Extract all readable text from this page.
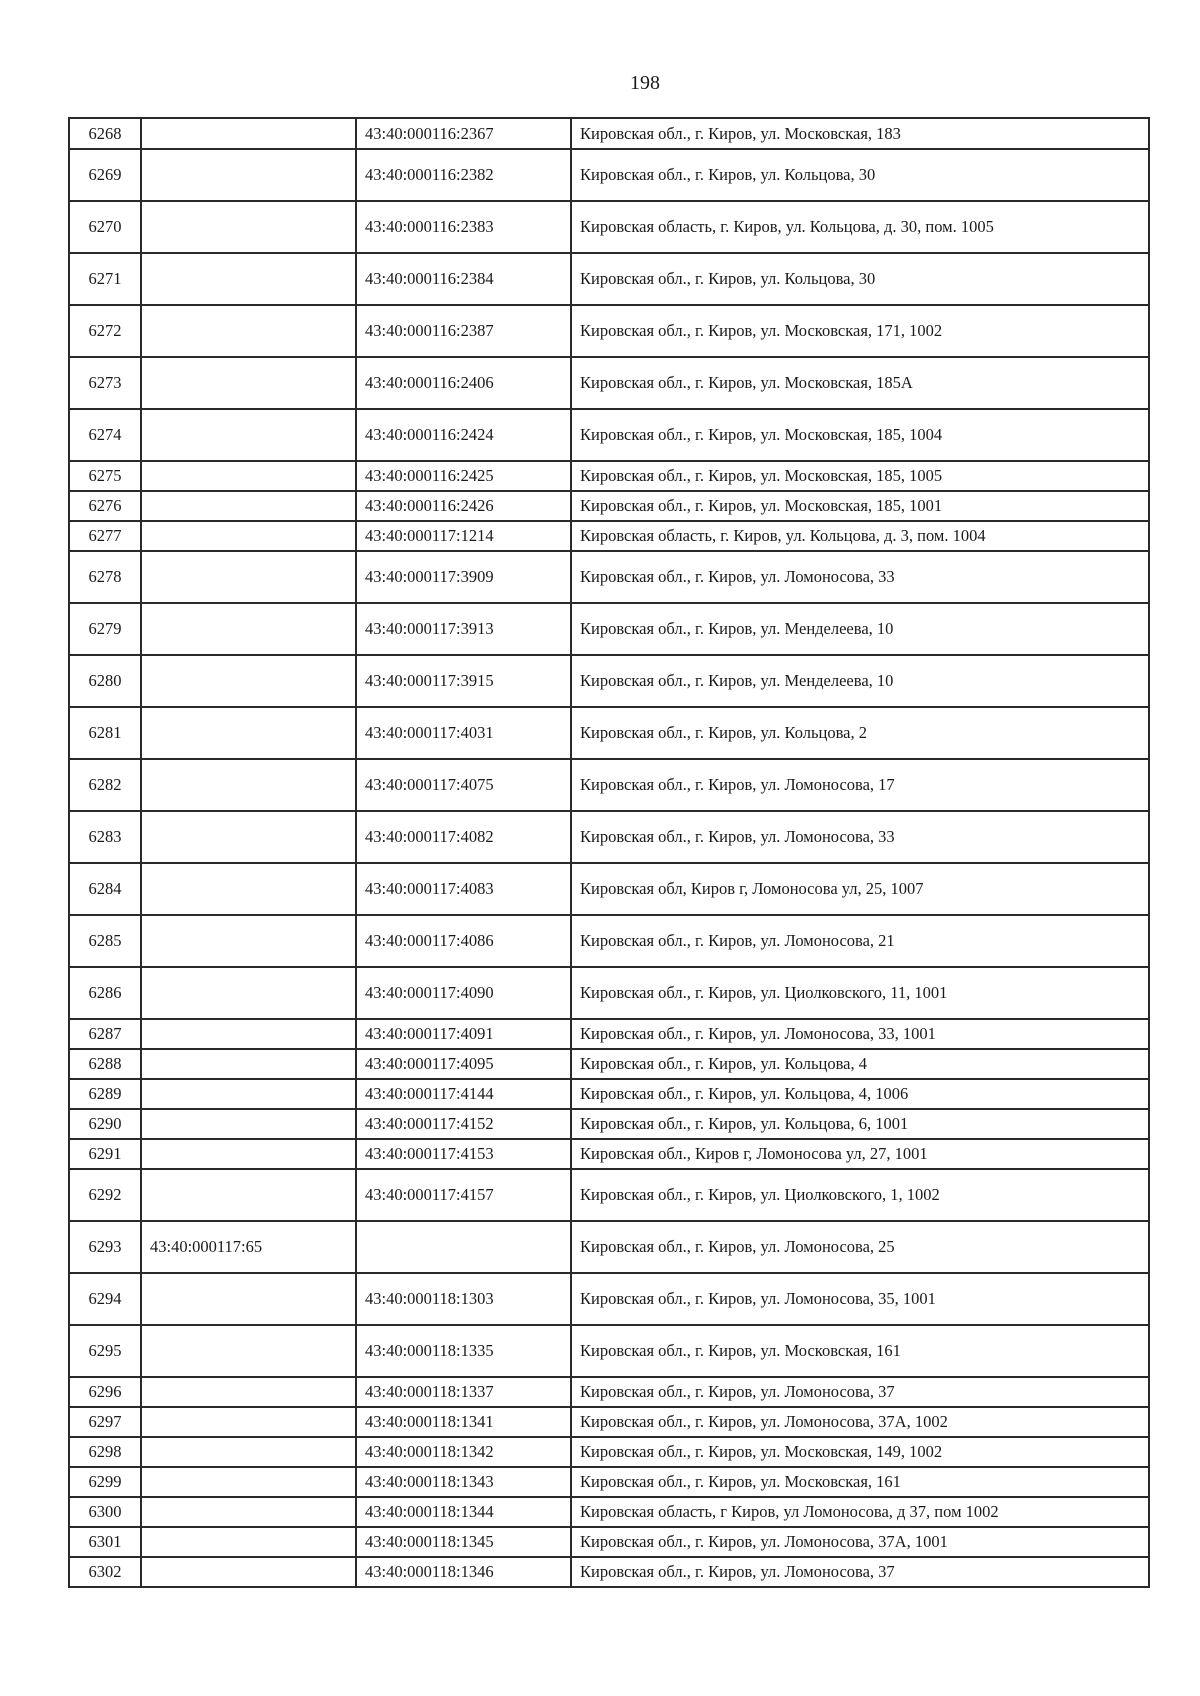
198
6268		43:40:000116:2367	Кировская обл., г. Киров, ул. Московская, 183
6269		43:40:000116:2382	Кировская обл., г. Киров, ул. Кольцова, 30
6270		43:40:000116:2383	Кировская область, г. Киров, ул. Кольцова, д. 30, пом. 1005
6271		43:40:000116:2384	Кировская обл., г. Киров, ул. Кольцова, 30
6272		43:40:000116:2387	Кировская обл., г. Киров, ул. Московская, 171, 1002
6273		43:40:000116:2406	Кировская обл., г. Киров, ул. Московская, 185А
6274		43:40:000116:2424	Кировская обл., г. Киров, ул. Московская, 185, 1004
6275		43:40:000116:2425	Кировская обл., г. Киров, ул. Московская, 185, 1005
6276		43:40:000116:2426	Кировская обл., г. Киров, ул. Московская, 185, 1001
6277		43:40:000117:1214	Кировская область, г. Киров, ул. Кольцова, д. 3, пом. 1004
6278		43:40:000117:3909	Кировская обл., г. Киров, ул. Ломоносова, 33
6279		43:40:000117:3913	Кировская обл., г. Киров, ул. Менделеева, 10
6280		43:40:000117:3915	Кировская обл., г. Киров, ул. Менделеева, 10
6281		43:40:000117:4031	Кировская обл., г. Киров, ул. Кольцова, 2
6282		43:40:000117:4075	Кировская обл., г. Киров, ул. Ломоносова, 17
6283		43:40:000117:4082	Кировская обл., г. Киров, ул. Ломоносова, 33
6284		43:40:000117:4083	Кировская обл, Киров г, Ломоносова ул, 25, 1007
6285		43:40:000117:4086	Кировская обл., г. Киров, ул. Ломоносова, 21
6286		43:40:000117:4090	Кировская обл., г. Киров, ул. Циолковского, 11, 1001
6287		43:40:000117:4091	Кировская обл., г. Киров, ул. Ломоносова, 33, 1001
6288		43:40:000117:4095	Кировская обл., г. Киров, ул. Кольцова, 4
6289		43:40:000117:4144	Кировская обл., г. Киров, ул. Кольцова, 4, 1006
6290		43:40:000117:4152	Кировская обл., г. Киров, ул. Кольцова, 6, 1001
6291		43:40:000117:4153	Кировская обл., Киров г, Ломоносова ул, 27, 1001
6292		43:40:000117:4157	Кировская обл., г. Киров, ул. Циолковского, 1, 1002
6293	43:40:000117:65		Кировская обл., г. Киров, ул. Ломоносова, 25
6294		43:40:000118:1303	Кировская обл., г. Киров, ул. Ломоносова, 35, 1001
6295		43:40:000118:1335	Кировская обл., г. Киров, ул. Московская, 161
6296		43:40:000118:1337	Кировская обл., г. Киров, ул. Ломоносова, 37
6297		43:40:000118:1341	Кировская обл., г. Киров, ул. Ломоносова, 37А, 1002
6298		43:40:000118:1342	Кировская обл., г. Киров, ул. Московская, 149, 1002
6299		43:40:000118:1343	Кировская обл., г. Киров, ул. Московская, 161
6300		43:40:000118:1344	Кировская область, г Киров, ул Ломоносова, д 37, пом 1002
6301		43:40:000118:1345	Кировская обл., г. Киров, ул. Ломоносова, 37А, 1001
6302		43:40:000118:1346	Кировская обл., г. Киров, ул. Ломоносова, 37
